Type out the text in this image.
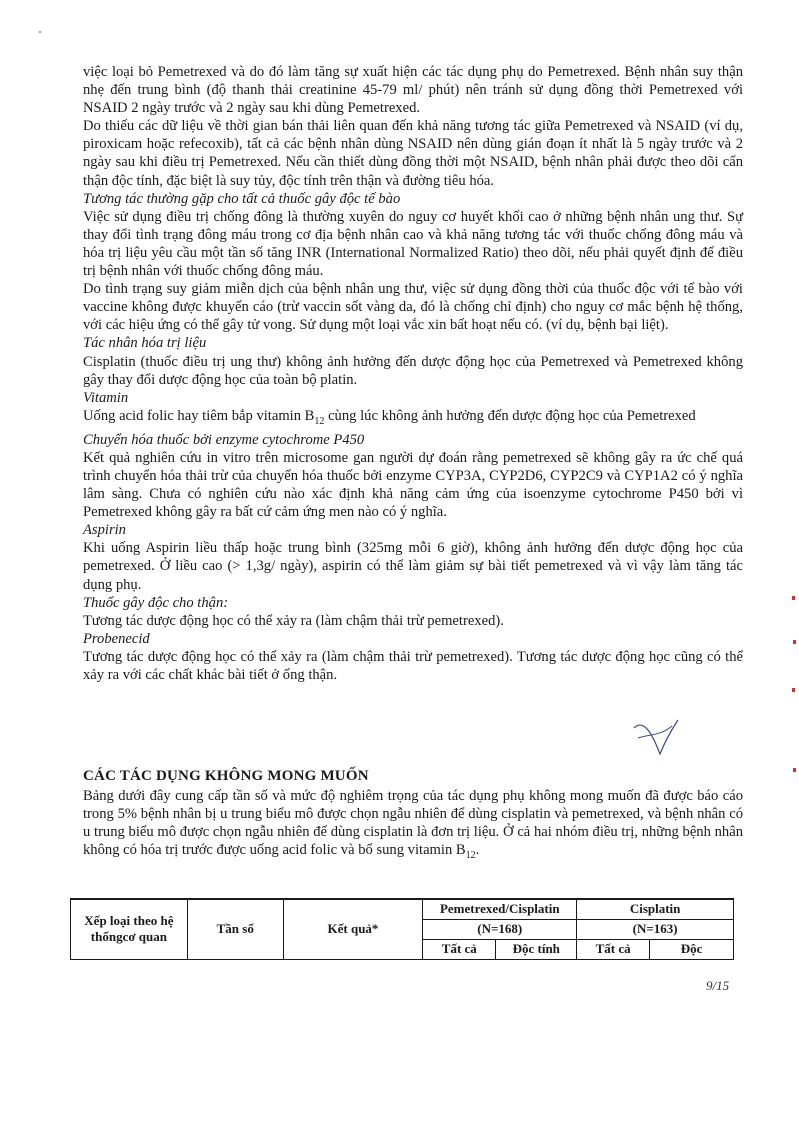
việc loại bỏ Pemetrexed và do đó làm tăng sự xuất hiện các tác dụng phụ do Pemetrexed. Bệnh nhân suy thận nhẹ đến trung bình (độ thanh thải creatinine 45-79 ml/ phút) nên tránh sử dụng đồng thời Pemetrexed với NSAID 2 ngày trước và 2 ngày sau khi dùng Pemetrexed.

Do thiếu các dữ liệu về thời gian bán thải liên quan đến khả năng tương tác giữa Pemetrexed và NSAID (ví dụ, piroxicam hoặc refecoxib), tất cả các bệnh nhân dùng NSAID nên dùng gián đoạn ít nhất là 5 ngày trước và 2 ngày sau khi điều trị Pemetrexed. Nếu cần thiết dùng đồng thời một NSAID, bệnh nhân phải được theo dõi cẩn thận độc tính, đặc biệt là suy tủy, độc tính trên thận và đường tiêu hóa.

Tương tác thường gặp cho tất cả thuốc gây độc tế bào

Việc sử dụng điều trị chống đông là thường xuyên do nguy cơ huyết khối cao ở những bệnh nhân ung thư. Sự thay đổi tình trạng đông máu trong cơ địa bệnh nhân cao và khả năng tương tác với thuốc chống đông máu và hóa trị liệu yêu cầu một tần số tăng INR (International Normalized Ratio) theo dõi, nếu phải quyết định để điều trị bệnh nhân với thuốc chống đông máu.

Do tình trạng suy giảm miễn dịch của bệnh nhân ung thư, việc sử dụng đồng thời của thuốc độc với tế bào với vaccine không được khuyến cáo (trừ vaccin sốt vàng da, đó là chống chỉ định) cho nguy cơ mắc bệnh hệ thống, với các hiệu ứng có thể gây tử vong. Sử dụng một loại vắc xin bất hoạt nếu có. (ví dụ, bệnh bại liệt).

Tác nhân hóa trị liệu

Cisplatin (thuốc điều trị ung thư) không ảnh hưởng đến dược động học của Pemetrexed và Pemetrexed không gây thay đổi dược động học của toàn bộ platin.

Vitamin

Uống acid folic hay tiêm bắp vitamin $B_{12}$ cùng lúc không ảnh hưởng đến dược động học của Pemetrexed

Chuyển hóa thuốc bởi enzyme cytochrome P450

Kết quả nghiên cứu in vitro trên microsome gan người dự đoán rằng pemetrexed sẽ không gây ra ức chế quá trình chuyển hóa thải trừ của chuyển hóa thuốc bởi enzyme CYP3A, CYP2D6, CYP2C9 và CYP1A2 có ý nghĩa lâm sàng. Chưa có nghiên cứu nào xác định khả năng cảm ứng của isoenzyme cytochrome P450 bởi vì Pemetrexed không gây ra bất cứ cảm ứng men nào có ý nghĩa.

Aspirin

Khi uống Aspirin liều thấp hoặc trung bình (325mg mỗi 6 giờ), không ảnh hưởng đến dược động học của pemetrexed. Ở liều cao (> 1,3g/ ngày), aspirin có thể làm giảm sự bài tiết pemetrexed và vì vậy làm tăng tác dụng phụ.

Thuốc gây độc cho thận:

Tương tác dược động học có thể xảy ra (làm chậm thải trừ pemetrexed).

Probenecid

Tương tác dược động học có thể xảy ra (làm chậm thải trừ pemetrexed). Tương tác dược động học cũng có thể xảy ra với các chất khác bài tiết ở ống thận.

CÁC TÁC DỤNG KHÔNG MONG MUỐN

Bảng dưới đây cung cấp tần số và mức độ nghiêm trọng của tác dụng phụ không mong muốn đã được báo cáo trong 5% bệnh nhân bị u trung biểu mô được chọn ngẫu nhiên để dùng cisplatin và pemetrexed, và bệnh nhân có u trung biểu mô được chọn ngẫu nhiên để dùng cisplatin là đơn trị liệu. Ở cả hai nhóm điều trị, những bệnh nhân không có hóa trị trước được uống acid folic và bổ sung vitamin $B_{12}$.

Xếp loại theo hệ thốngcơ quan	Tần số	Kết quả*	Pemetrexed/Cisplatin		Cisplatin	
			(N=168)		(N=163)	
			Tất cả	Độc tính	Tất cả	Độc
9/15
